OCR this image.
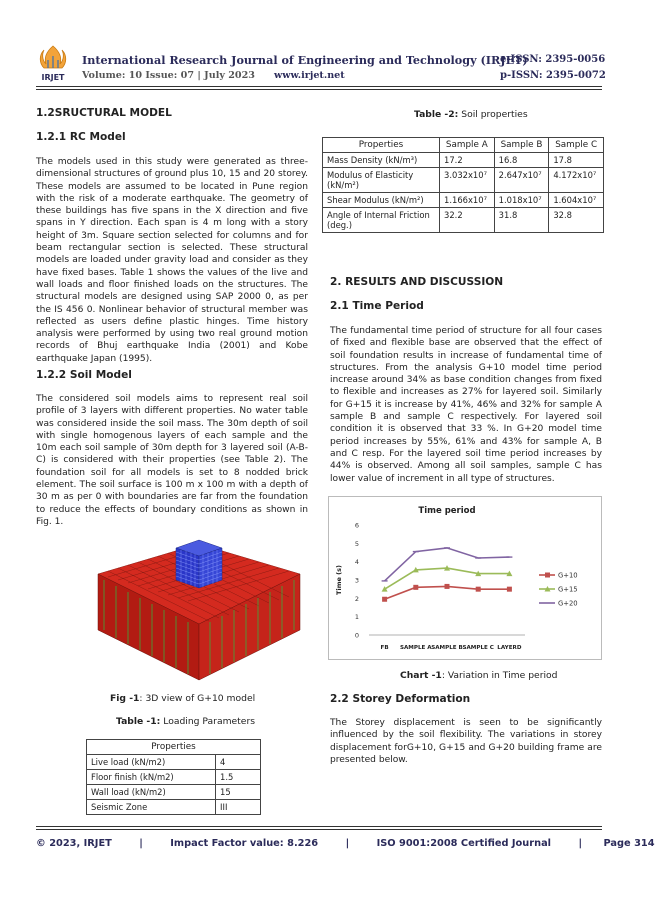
IRJET
International Research Journal of Engineering and Technology (IRJET)
e-ISSN: 2395-0056
Volume: 10 Issue: 07 | July 2023 www.irjet.net	p-ISSN: 2395-0072
1.2SRUCTURAL MODEL
1.2.1 RC Model
The models used in this study were generated as three-dimensional structures of ground plus 10, 15 and 20 storey. These models are assumed to be located in Pune region with the risk of a moderate earthquake. The geometry of these buildings has five spans in the X direction and five spans in Y direction. Each span is 4 m long with a story height of 3m. Square section selected for columns and for beam rectangular section is selected. These structural models are loaded under gravity load and consider as they have fixed bases. Table 1 shows the values of the live and wall loads and floor finished loads on the structures. The structural models are designed using SAP 2000 0, as per the IS 456 0. Nonlinear behavior of structural member was reflected as users define plastic hinges. Time history analysis were performed by using two real ground motion records of Bhuj earthquake India (2001) and Kobe earthquake Japan (1995).
1.2.2 Soil Model
The considered soil models aims to represent real soil profile of 3 layers with different properties. No water table was considered inside the soil mass. The 30m depth of soil with single homogenous layers of each sample and the 10m each soil sample of 30m depth for 3 layered soil (A-B-C) is considered with their properties (see Table 2). The foundation soil for all models is set to 8 nodded brick element. The soil surface is 100 m x 100 m with a depth of 30 m as per 0 with boundaries are far from the foundation to reduce the effects of boundary conditions as shown in Fig. 1.
Fig -1: 3D view of G+10 model
Table -1: Loading Parameters
Properties	
Live load (kN/m2)	4
Floor finish (kN/m2)	1.5
Wall load (kN/m2)	15
Seismic Zone	III
Table -2: Soil properties
Properties	Sample A	Sample B	Sample C
Mass Density (kN/m³)	17.2	16.8	17.8
Modulus of Elasticity (kN/m²)	3.032x10⁷	2.647x10⁷	4.172x10⁷
Shear Modulus (kN/m²)	1.166x10⁷	1.018x10⁷	1.604x10⁷
Angle of Internal Friction (deg.)	32.2	31.8	32.8
2. RESULTS AND DISCUSSION
2.1 Time Period
The fundamental time period of structure for all four cases of fixed and flexible base are observed that the effect of soil foundation results in increase of fundamental time of structures. From the analysis G+10 model time period increase around 34% as base condition changes from fixed to flexible and increases as 27% for layered soil. Similarly for G+15 it is increase by 41%, 46% and 32% for sample A sample B and sample C respectively. For layered soil condition it is observed that 33 %. In G+20 model time period increases by 55%, 61% and 43% for sample A, B and C resp. For the layered soil time period increases by 44% is observed. Among all soil samples, sample C has lower value of increment in all type of structures.
Time period
Time (s)
0
1
2
3
4
5
6
FB SAMPLE A SAMPLE B SAMPLE C LAYERD
G+10
G+15
G+20
Chart -1: Variation in Time period
2.2 Storey Deformation
The Storey displacement is seen to be significantly influenced by the soil flexibility. The variations in storey displacement forG+10, G+15 and G+20 building frame are presented below.
© 2023, IRJET	|	Impact Factor value: 8.226	|	ISO 9001:2008 Certified Journal	| Page 314
